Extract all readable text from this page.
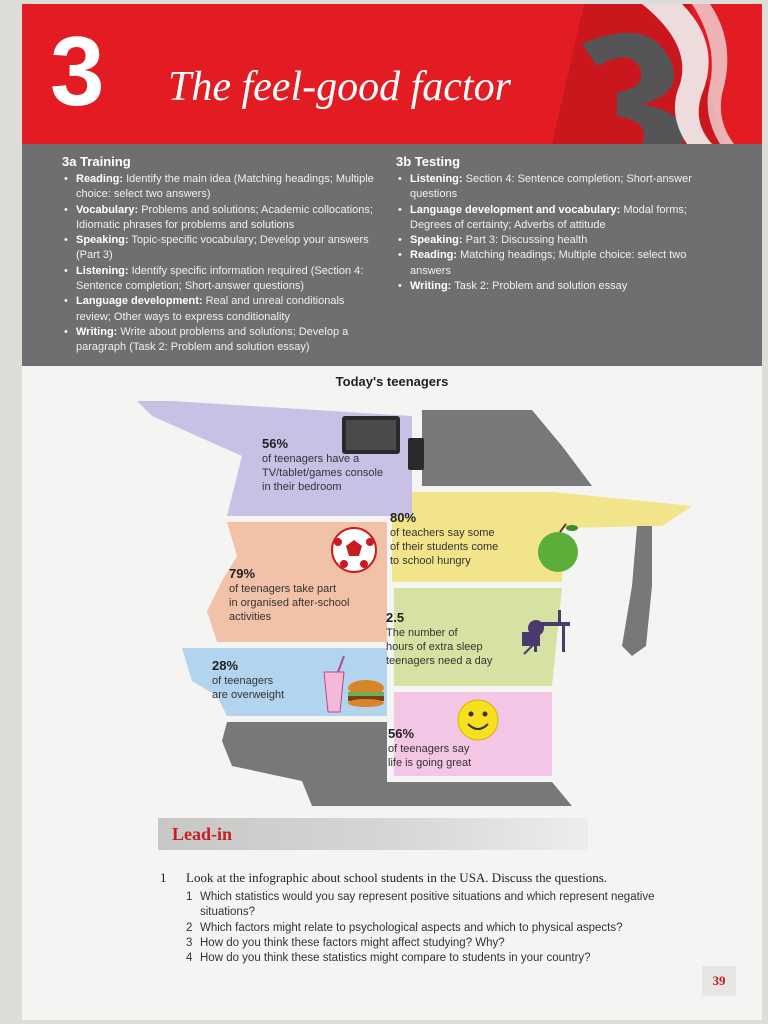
3 The feel-good factor
3a Training
• Reading: Identify the main idea (Matching headings; Multiple choice: select two answers)
• Vocabulary: Problems and solutions; Academic collocations; Idiomatic phrases for problems and solutions
• Speaking: Topic-specific vocabulary; Develop your answers (Part 3)
• Listening: Identify specific information required (Section 4: Sentence completion; Short-answer questions)
• Language development: Real and unreal conditionals review; Other ways to express conditionality
• Writing: Write about problems and solutions; Develop a paragraph (Task 2: Problem and solution essay)
3b Testing
• Listening: Section 4: Sentence completion; Short-answer questions
• Language development and vocabulary: Modal forms; Degrees of certainty; Adverbs of attitude
• Speaking: Part 3: Discussing health
• Reading: Matching headings; Multiple choice: select two answers
• Writing: Task 2: Problem and solution essay
Today's teenagers
56%
of teenagers have a
TV/tablet/games console
in their bedroom
80%
of teachers say some
of their students come
to school hungry
79%
of teenagers take part
in organised after-school
activities	2.5
The number of
hours of extra sleep
teenagers need a day
28%
of teenagers
are overweight
56%
of teenagers say
life is going great
Lead-in
1 Look at the infographic about school students in the USA. Discuss the questions.
1 Which statistics would you say represent positive situations and which represent negative situations?
2 Which factors might relate to psychological aspects and which to physical aspects?
3 How do you think these factors might affect studying? Why?
4 How do you think these statistics might compare to students in your country?
39
